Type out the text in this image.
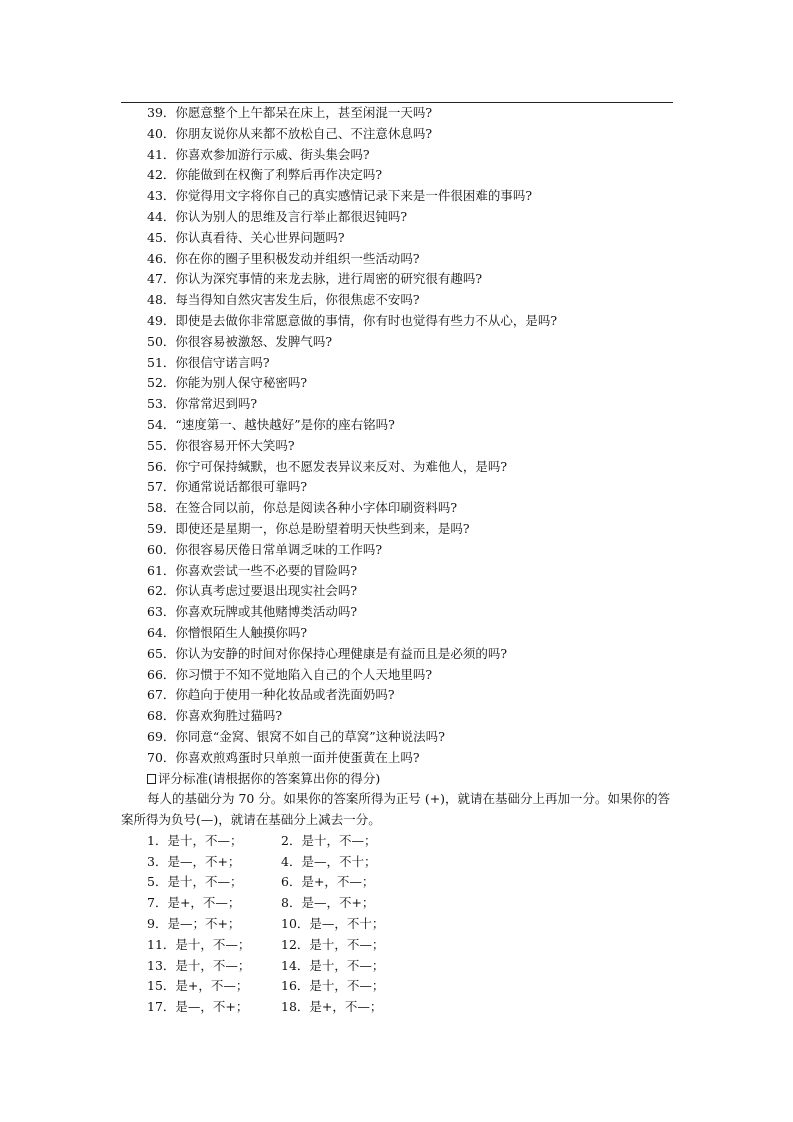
39．你愿意整个上午都呆在床上，甚至闲混一天吗?
40．你朋友说你从来都不放松自己、不注意休息吗?
41．你喜欢参加游行示威、街头集会吗?
42．你能做到在权衡了利弊后再作决定吗?
43．你觉得用文字将你自己的真实感情记录下来是一件很困难的事吗?
44．你认为别人的思维及言行举止都很迟钝吗?
45．你认真看待、关心世界问题吗?
46．你在你的圈子里积极发动并组织一些活动吗?
47．你认为深究事情的来龙去脉，进行周密的研究很有趣吗?
48．每当得知自然灾害发生后，你很焦虑不安吗?
49．即使是去做你非常愿意做的事情，你有时也觉得有些力不从心，是吗?
50．你很容易被激怒、发脾气吗?
51．你很信守诺言吗?
52．你能为别人保守秘密吗?
53．你常常迟到吗?
54．“速度第一、越快越好”是你的座右铭吗?
55．你很容易开怀大笑吗?
56．你宁可保持缄默，也不愿发表异议来反对、为难他人，是吗?
57．你通常说话都很可靠吗?
58．在签合同以前，你总是阅读各种小字体印刷资料吗?
59．即使还是星期一，你总是盼望着明天快些到来，是吗?
60．你很容易厌倦日常单调乏味的工作吗?
61．你喜欢尝试一些不必要的冒险吗?
62．你认真考虑过要退出现实社会吗?
63．你喜欢玩牌或其他赌博类活动吗?
64．你憎恨陌生人触摸你吗?
65．你认为安静的时间对你保持心理健康是有益而且是必须的吗?
66．你习惯于不知不觉地陷入自己的个人天地里吗?
67．你趋向于使用一种化妆品或者洗面奶吗?
68．你喜欢狗胜过猫吗?
69．你同意“金窝、银窝不如自己的草窝”这种说法吗?
70．你喜欢煎鸡蛋时只单煎一面并使蛋黄在上吗?
评分标准(请根据你的答案算出你的得分)
每人的基础分为 70 分。如果你的答案所得为正号 (+)，就请在基础分上再加一分。如果你的答案所得为负号(—)，就请在基础分上减去一分。
1．是十，不—；	2．是十，不—；
3．是—，不+；	4．是—，不十；
5．是十，不—；	6．是+，不—；
7．是+，不—；	8．是—，不+；
9．是—；不+；	10．是—，不十；
11．是十，不—； 12．是十，不—；
13．是十，不—； 14．是十，不—；
15．是+，不—；	16．是十，不—；
17．是—，不+；	18．是+，不—；
